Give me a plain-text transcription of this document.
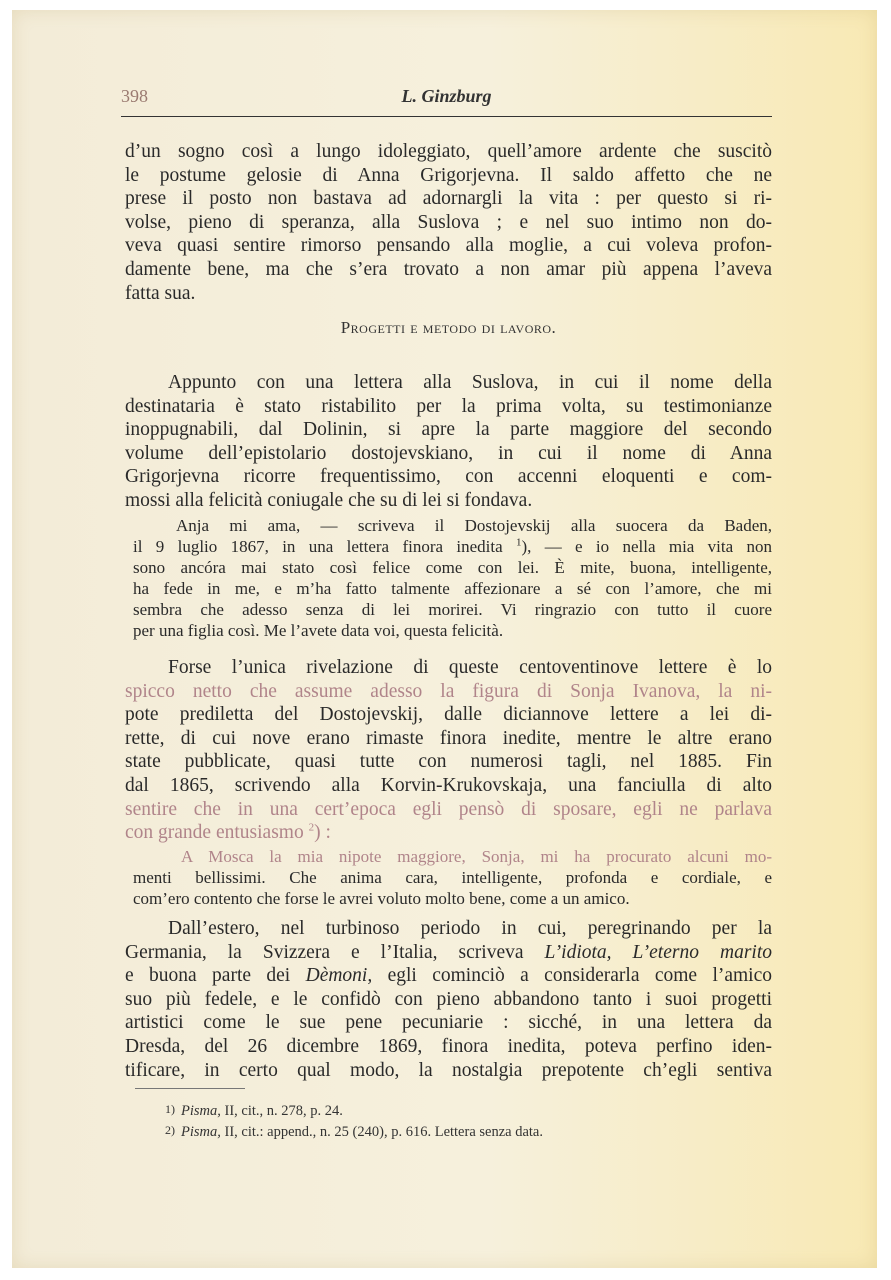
398	L. Ginzburg
d’un sogno così a lungo idoleggiato, quell’amore ardente che suscitò
le postume gelosie di Anna Grigorjevna. Il saldo affetto che ne
prese il posto non bastava ad adornargli la vita : per questo si ri-
volse, pieno di speranza, alla Suslova ; e nel suo intimo non do-
veva quasi sentire rimorso pensando alla moglie, a cui voleva profon-
damente bene, ma che s’era trovato a non amar più appena l’aveva
fatta sua.
Progetti e metodo di lavoro.
Appunto con una lettera alla Suslova, in cui il nome della
destinataria è stato ristabilito per la prima volta, su testimonianze
inoppugnabili, dal Dolinin, si apre la parte maggiore del secondo
volume dell’epistolario dostojevskiano, in cui il nome di Anna
Grigorjevna ricorre frequentissimo, con accenni eloquenti e com-
mossi alla felicità coniugale che su di lei si fondava.
Anja mi ama, — scriveva il Dostojevskij alla suocera da Baden,
il 9 luglio 1867, in una lettera finora inedita $^1$), — e io nella mia vita non
sono ancóra mai stato così felice come con lei. È mite, buona, intelligente,
ha fede in me, e m’ha fatto talmente affezionare a sé con l’amore, che mi
sembra che adesso senza di lei morirei. Vi ringrazio con tutto il cuore
per una figlia così. Me l’avete data voi, questa felicità.
Forse l’unica rivelazione di queste centoventinove lettere è lo
spicco netto che assume adesso la figura di Sonja Ivanova, la ni-
pote prediletta del Dostojevskij, dalle diciannove lettere a lei di-
rette, di cui nove erano rimaste finora inedite, mentre le altre erano
state pubblicate, quasi tutte con numerosi tagli, nel 1885. Fin
dal 1865, scrivendo alla Korvin-Krukovskaja, una fanciulla di alto
sentire che in una cert’epoca egli pensò di sposare, egli ne parlava
con grande entusiasmo $^2$) :
A Mosca la mia nipote maggiore, Sonja, mi ha procurato alcuni mo-
menti bellissimi. Che anima cara, intelligente, profonda e cordiale, e
com’ero contento che forse le avrei voluto molto bene, come a un amico.
Dall’estero, nel turbinoso periodo in cui, peregrinando per la
Germania, la Svizzera e l’Italia, scriveva L’idiota, L’eterno marito
e buona parte dei Dèmoni, egli cominciò a considerarla come l’amico
suo più fedele, e le confidò con pieno abbandono tanto i suoi progetti
artistici come le sue pene pecuniarie : sicché, in una lettera da
Dresda, del 26 dicembre 1869, finora inedita, poteva perfino iden-
tificare, in certo qual modo, la nostalgia prepotente ch’egli sentiva
1) Pisma, II, cit., n. 278, p. 24.
2) Pisma, II, cit.: append., n. 25 (240), p. 616. Lettera senza data.
